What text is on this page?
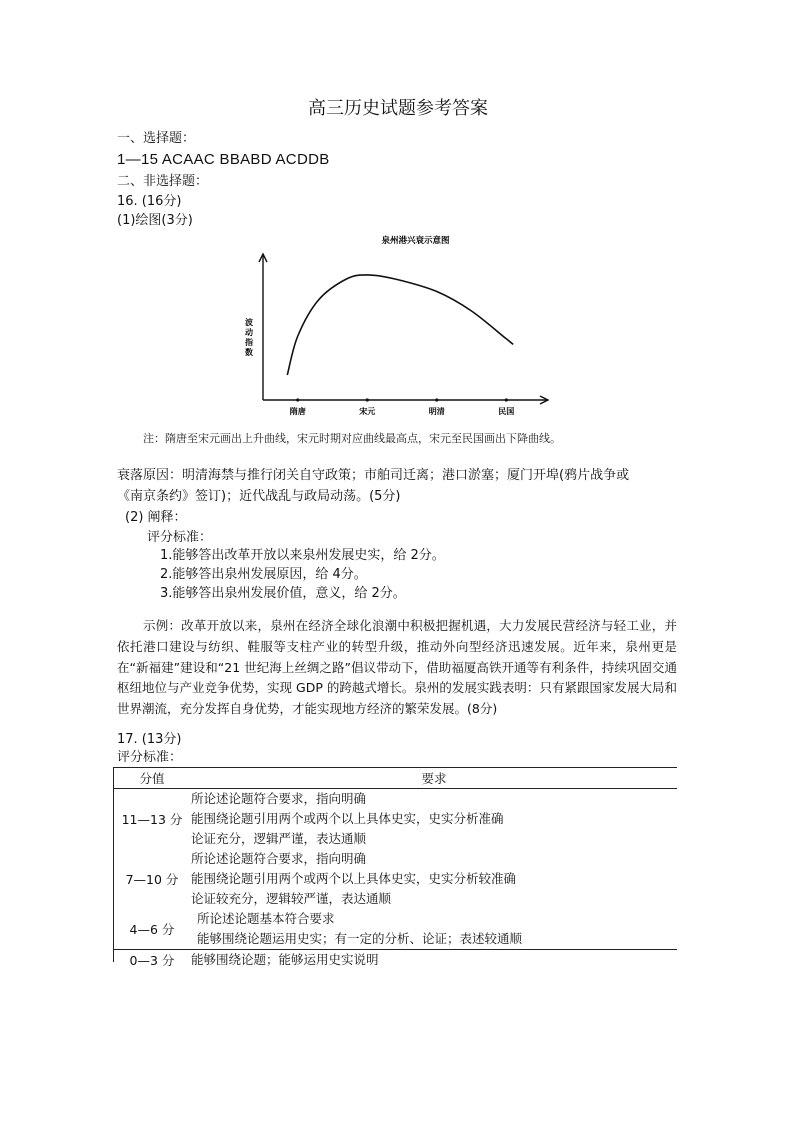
高三历史试题参考答案
一、选择题：
1—15 ACAAC BBABD ACDDB
二、非选择题：
16. (16分)
(1)绘图(3分)
泉州港兴衰示意图
波动指数
隋唐	宋元	明清	民国
注：隋唐至宋元画出上升曲线，宋元时期对应曲线最高点，宋元至民国画出下降曲线。
衰落原因：明清海禁与推行闭关自守政策；市舶司迁离；港口淤塞；厦门开埠(鸦片战争或
《南京条约》签订)；近代战乱与政局动荡。(5分)
(2) 阐释：
评分标准：
1.能够答出改革开放以来泉州发展史实，给 2分。
2.能够答出泉州发展原因，给 4分。
3.能够答出泉州发展价值，意义，给 2分。
示例：改革开放以来，泉州在经济全球化浪潮中积极把握机遇，大力发展民营经济与轻工业，并依托港口建设与纺织、鞋服等支柱产业的转型升级，推动外向型经济迅速发展。近年来，泉州更是在“新福建”建设和“21 世纪海上丝绸之路”倡议带动下，借助福厦高铁开通等有利条件，持续巩固交通枢纽地位与产业竞争优势，实现 GDP 的跨越式增长。泉州的发展实践表明：只有紧跟国家发展大局和世界潮流，充分发挥自身优势，才能实现地方经济的繁荣发展。(8分)
17. (13分)
评分标准：
分值	要求
11—13 分	所论述论题符合要求，指向明确
能围绕论题引用两个或两个以上具体史实，史实分析准确
论证充分，逻辑严谨，表达通顺

7—10 分	所论述论题符合要求，指向明确
能围绕论题引用两个或两个以上具体史实，史实分析较准确
论证较充分，逻辑较严谨，表达通顺

4—6 分	所论述论题基本符合要求
能够围绕论题运用史实；有一定的分析、论证；表述较通顺

0—3 分	能够围绕论题；能够运用史实说明
